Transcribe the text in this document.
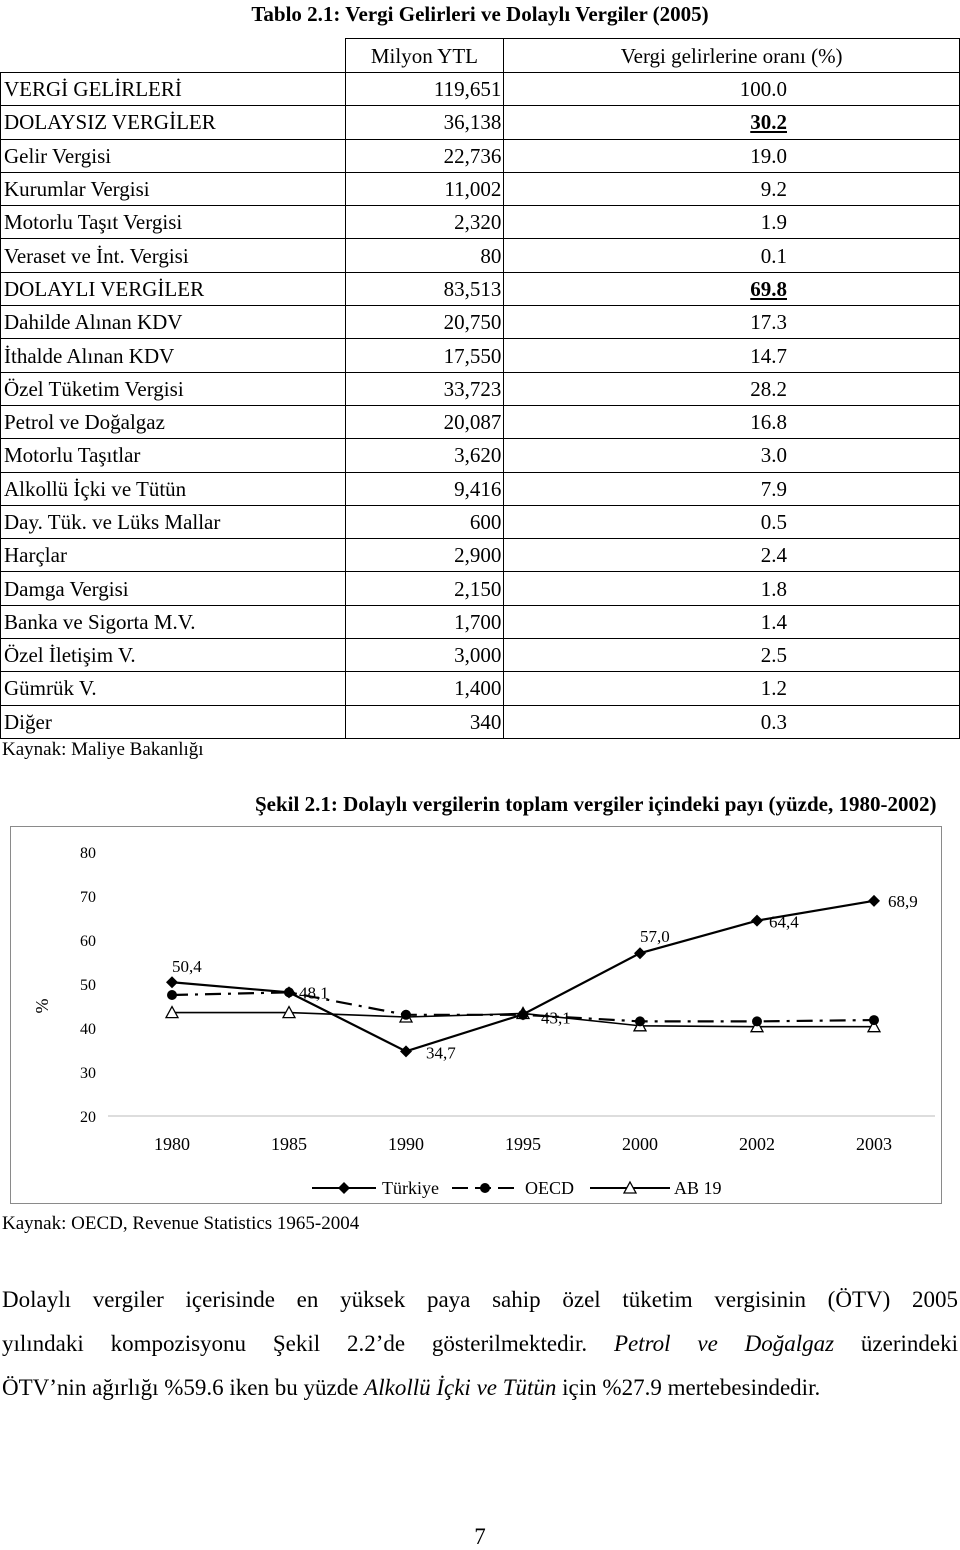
Tablo 2.1: Vergi Gelirleri ve Dolaylı Vergiler (2005)
	Milyon YTL	Vergi gelirlerine oranı (%)
VERGİ GELİRLERİ	119,651	100.0
DOLAYSIZ VERGİLER	36,138	30.2
Gelir Vergisi	22,736	19.0
Kurumlar Vergisi	11,002	9.2
Motorlu Taşıt Vergisi	2,320	1.9
Veraset ve İnt. Vergisi	80	0.1
DOLAYLI VERGİLER	83,513	69.8
Dahilde Alınan KDV	20,750	17.3
İthalde Alınan KDV	17,550	14.7
Özel Tüketim Vergisi	33,723	28.2
Petrol ve Doğalgaz	20,087	16.8
Motorlu Taşıtlar	3,620	3.0
Alkollü İçki ve Tütün	9,416	7.9
Day. Tük. ve Lüks Mallar	600	0.5
Harçlar	2,900	2.4
Damga Vergisi	2,150	1.8
Banka ve Sigorta M.V.	1,700	1.4
Özel İletişim V.	3,000	2.5
Gümrük V.	1,400	1.2
Diğer	340	0.3
Kaynak: Maliye Bakanlığı
Şekil 2.1: Dolaylı vergilerin toplam vergiler içindeki payı (yüzde, 1980-2002)
20
30
40
50
60
70
80
%
1980	1985	1990	1995	2000	2002	2003
50,4
48,1
34,7
43,1
57,0
64,4
68,9
Türkiye	OECD	AB 19
Kaynak: OECD, Revenue Statistics 1965-2004
Dolaylı vergiler içerisinde en yüksek paya sahip özel tüketim vergisinin (ÖTV) 2005
yılındaki kompozisyonu Şekil 2.2’de gösterilmektedir. Petrol ve Doğalgaz üzerindeki
ÖTV’nin ağırlığı %59.6 iken bu yüzde Alkollü İçki ve Tütün için %27.9 mertebesindedir.
7
